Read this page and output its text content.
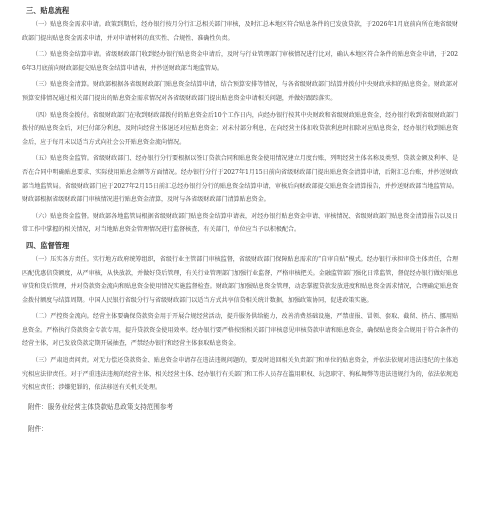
三、贴息流程

（一）贴息资金需求申请。政策到期后，经办银行按月分行汇总相关部门审核，及时汇总本地区符合贴息条件的已发放贷款，于2026年1月底前向所在地省级财政部门提出贴息资金需求申请，并对申请材料的真实性、合规性、准确性负责。

（二）贴息资金结算申请。省级财政部门收到经办银行贴息资金申请后，及时与行业管理部门审核情况进行比对，确认本地区符合条件的贴息资金申请，于2026年3月底前向财政部提交贴息资金结算申请表，并抄送财政部当地监管局。

（三）贴息资金清算。财政部根据各省级财政部门贴息资金结算申请，结合预算安排等情况，与各省级财政部门结算并拨付中央财政承担的贴息资金。财政部对预算安排情况通过相关部门提出的贴息资金需求情况对各省级财政部门提出贴息资金申请相关问题，并做好跟踪落实。

（四）贴息资金拨付。省级财政部门在收到财政部拨付的贴息资金后10个工作日内，向经办银行按其中央财政和省级财政贴息资金，经办银行收到省级财政部门拨付的贴息资金后，对已付部分利息，及时向经营主体退还对应贴息资金；对未付部分利息，在向经营主体扣收贷款利息时扣除对应贴息资金，经办银行收到贴息资金后，应于每月末以适当方式向社会公开贴息资金流向情况。

（五）贴息资金监管。省级财政部门、经办银行分行要根据以签订贷款合同和贴息资金使用情况建立月度台账，列明经营主体名称及类型、贷款金额及利率、是否在合同中明确贴息要求、实际使用贴息金额等方面情况。经办银行分行于2027年1月15日前向省级财政部门提出贴息资金清算申请，后附汇总台账，并抄送财政部当地监管局。省级财政部门应于2027年2月15日前汇总经办银行分行的贴息资金结算申请，审核后向财政部提交贴息资金清算报告，并抄送财政部当地监管局。财政部根据省级财政部门审核情况进行贴息资金清算，及时与各省级财政部门清算贴息资金。

（六）贴息资金监督。财政部各地监管局根据省级财政部门贴息资金结算申请表，对经办银行贴息资金申请、审核情况、省级财政部门贴息资金清算报告以及日常工作中掌握的相关情况，对当地贴息资金管理情况进行监督核查，有关部门，单位应当予以积极配合。

四、监督管理

（一）压实各方责任。实行地方政府统筹组织，省级行业主管部门审核监督，省级财政部门保障贴息需求的“自审自贴”模式。经办银行承担审贷主体责任，合理匹配优惠信贷额度，从严审核，从快放款，并做好贷后管理，有关行业管理部门加强行业监督，严格审核把关。金融监管部门强化日常监管，督促经办银行做好贴息审贷和贷后管理，并对贷款资金流向和贴息资金使用情况实施监督检查。财政部门加强贴息资金管理，动态掌握贷款发放进度和贴息资金需求情况，合理确定贴息资金拨付额度与结算周期。中国人民银行省级分行与省级财政部门以适当方式共享信贷相关统计数据，加强政策协同，促进政策实施。

（二）严控资金流向。经营主体要确保贷款资金用于开展合规经营活动，提升服务供给能力，改善消费基础设施，严禁虚报、冒领、套取、截留、挤占、挪用贴息资金。严格执行贷款资金专款专用，提升贷款资金使用效率。经办银行要严格按照相关部门审核意见审核贷款申请和贴息资金，确保贴息资金合规用于符合条件的经营主体，对已发放贷款定期开展抽查，严禁经办银行和经营主体套取贴息资金。

（三）严肃追责问责。对无力偿还贷款资金、贴息资金申请存在违法违规问题的，要及时追回相关负责部门和单位的贴息资金，并依法依规对违法违纪的主体追究相应法律责任。对于严重违法违规的经营主体，相关经营主体、经办银行有关部门和工作人员存在滥用职权、玩忽职守、徇私舞弊等违法违规行为的，依法依规追究相应责任；涉嫌犯罪的，依法移送有关机关处理。

附件：服务业经营主体贷款贴息政策支持范围参考
附件：
